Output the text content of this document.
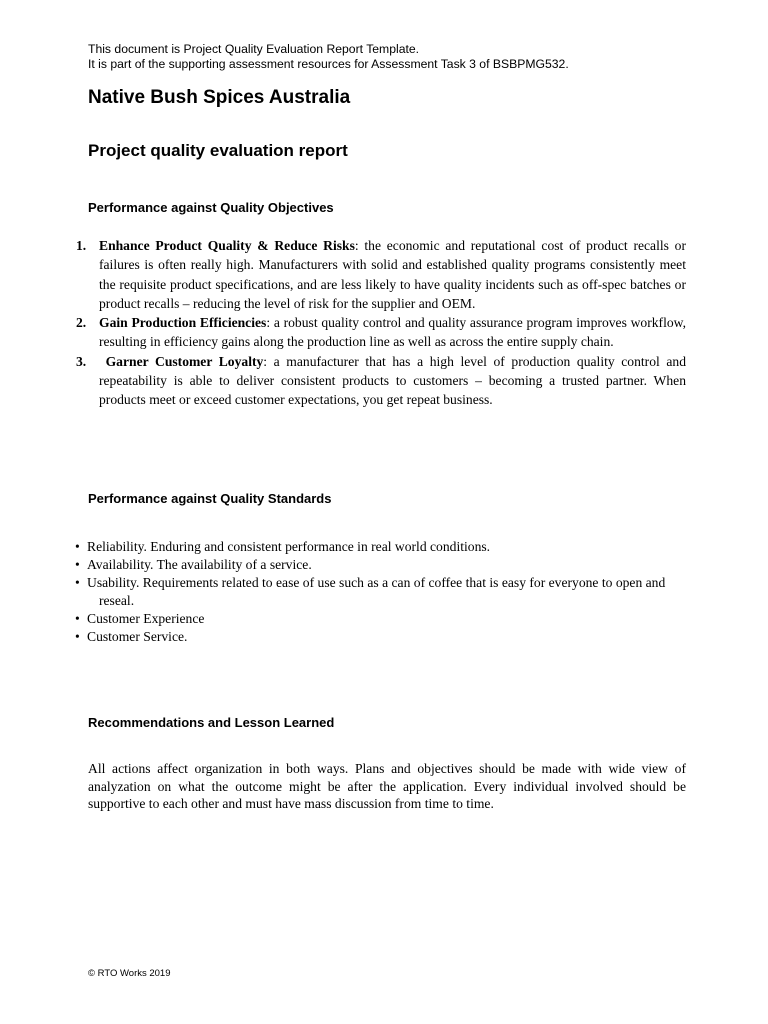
This document is Project Quality Evaluation Report Template.
It is part of the supporting assessment resources for Assessment Task 3 of BSBPMG532.
Native Bush Spices Australia
Project quality evaluation report
Performance against Quality Objectives
1. Enhance Product Quality & Reduce Risks: the economic and reputational cost of product recalls or failures is often really high. Manufacturers with solid and established quality programs consistently meet the requisite product specifications, and are less likely to have quality incidents such as off-spec batches or product recalls – reducing the level of risk for the supplier and OEM.
2. Gain Production Efficiencies: a robust quality control and quality assurance program improves workflow, resulting in efficiency gains along the production line as well as across the entire supply chain.
3. Garner Customer Loyalty: a manufacturer that has a high level of production quality control and repeatability is able to deliver consistent products to customers – becoming a trusted partner. When products meet or exceed customer expectations, you get repeat business.
Performance against Quality Standards
• Reliability. Enduring and consistent performance in real world conditions.
• Availability. The availability of a service.
• Usability. Requirements related to ease of use such as a can of coffee that is easy for everyone to open and reseal.
• Customer Experience
• Customer Service.
Recommendations and Lesson Learned

All actions affect organization in both ways. Plans and objectives should be made with wide view of analyzation on what the outcome might be after the application. Every individual involved should be supportive to each other and must have mass discussion from time to time.

© RTO Works 2019
